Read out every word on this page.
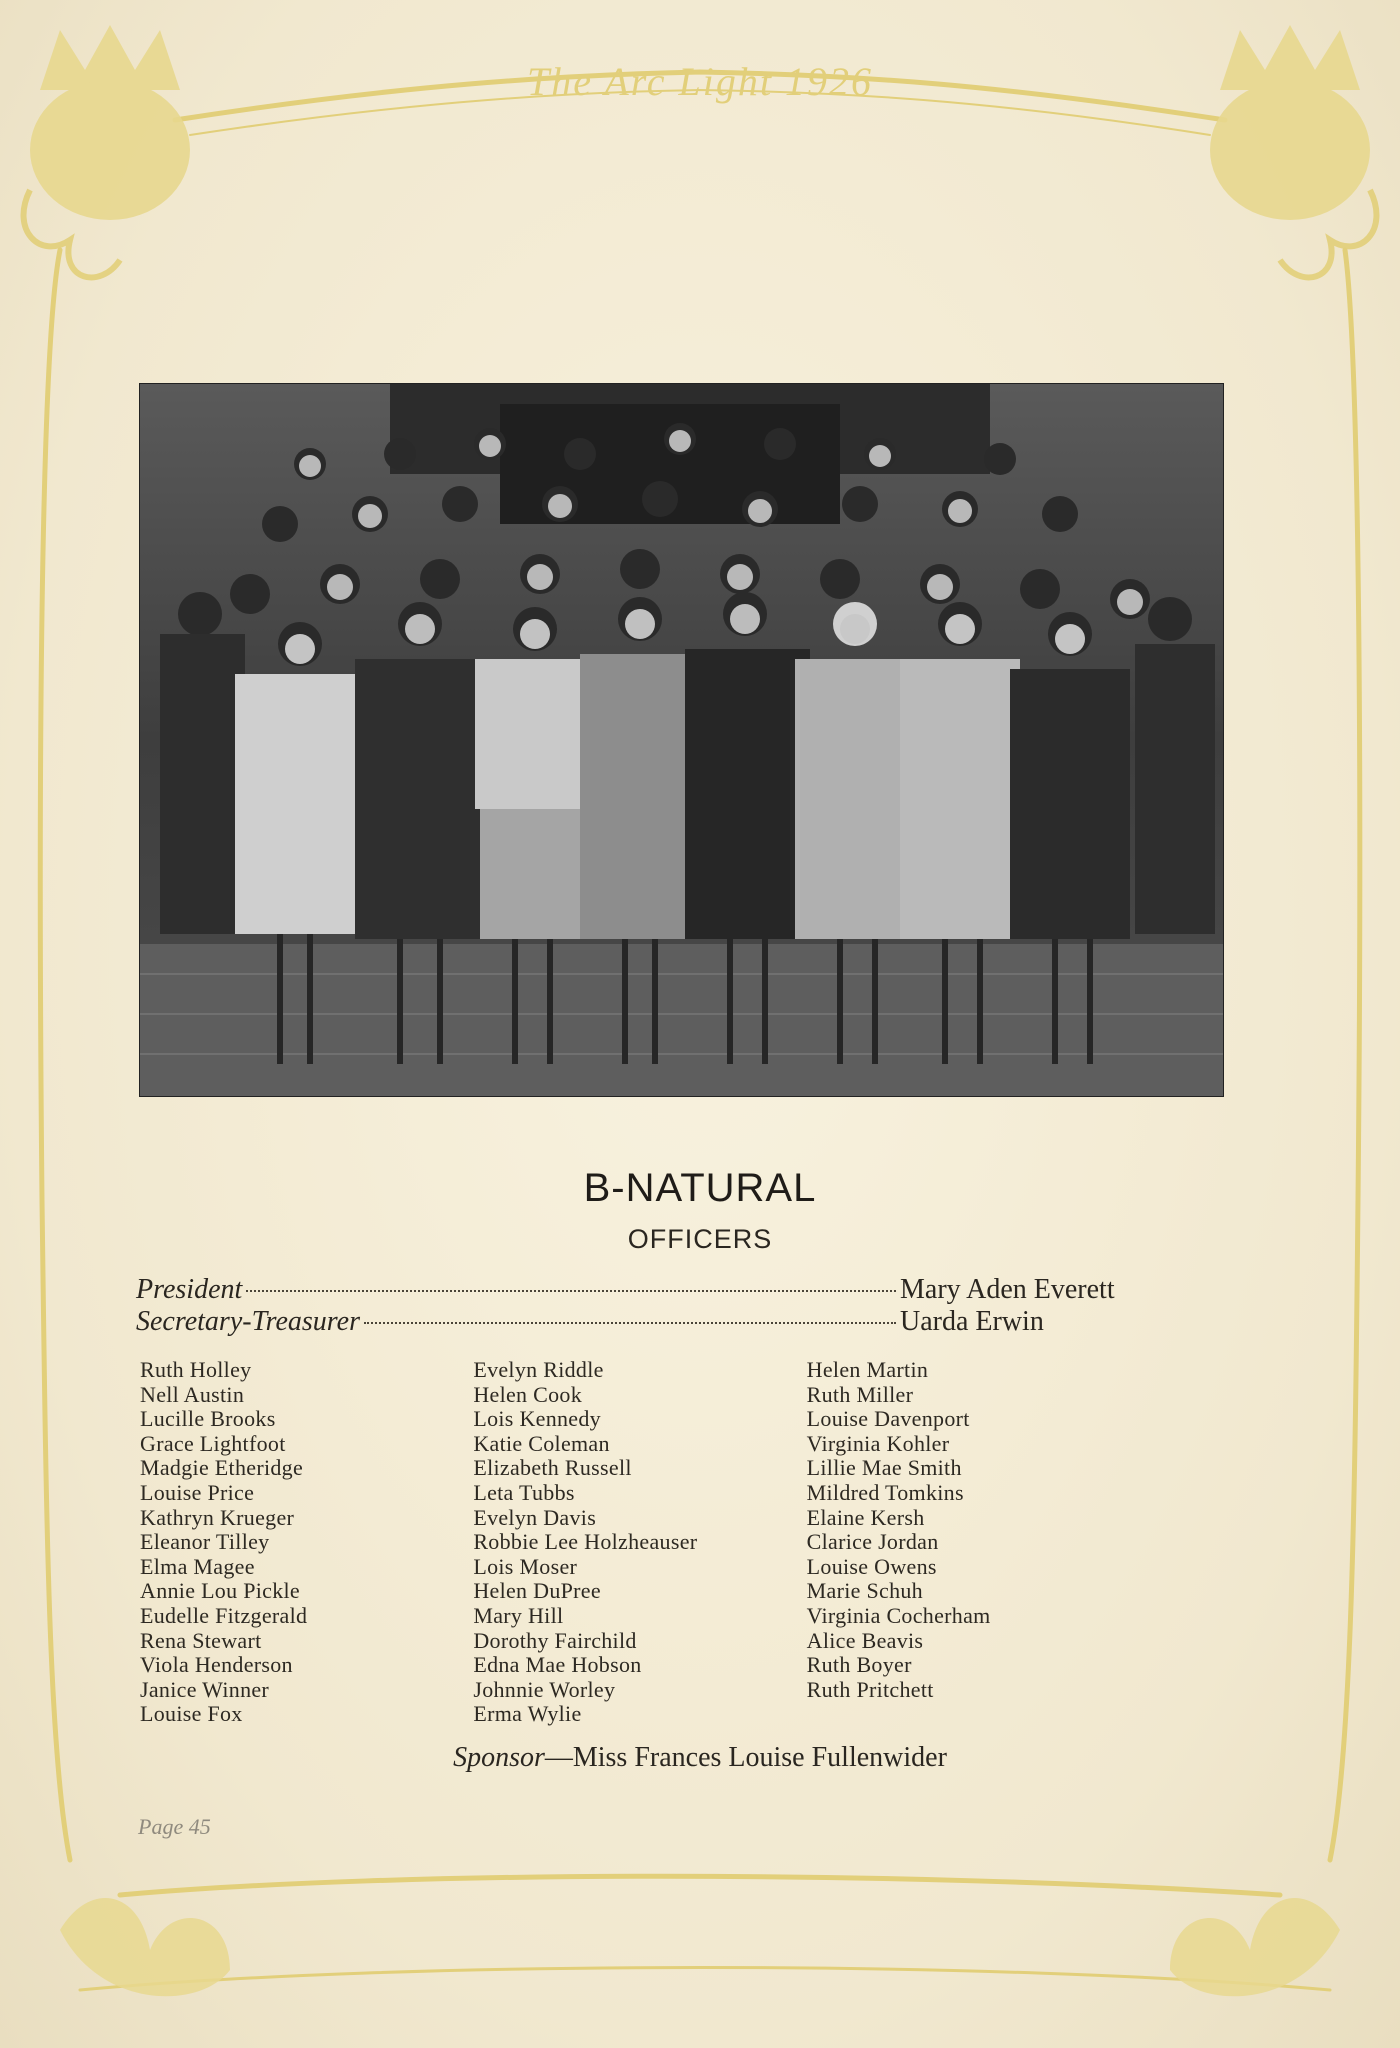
The Arc Light 1926
B-NATURAL
OFFICERS
President	Mary Aden Everett
Secretary-Treasurer	Uarda Erwin
Ruth Holley
Nell Austin
Lucille Brooks
Grace Lightfoot
Madgie Etheridge
Louise Price
Kathryn Krueger
Eleanor Tilley
Elma Magee
Annie Lou Pickle
Eudelle Fitzgerald
Rena Stewart
Viola Henderson
Janice Winner
Louise Fox
Evelyn Riddle
Helen Cook
Lois Kennedy
Katie Coleman
Elizabeth Russell
Leta Tubbs
Evelyn Davis
Robbie Lee Holzheauser
Lois Moser
Helen DuPree
Mary Hill
Dorothy Fairchild
Edna Mae Hobson
Johnnie Worley
Erma Wylie
Helen Martin
Ruth Miller
Louise Davenport
Virginia Kohler
Lillie Mae Smith
Mildred Tomkins
Elaine Kersh
Clarice Jordan
Louise Owens
Marie Schuh
Virginia Cocherham
Alice Beavis
Ruth Boyer
Ruth Pritchett
Sponsor—Miss Frances Louise Fullenwider
Page 45
